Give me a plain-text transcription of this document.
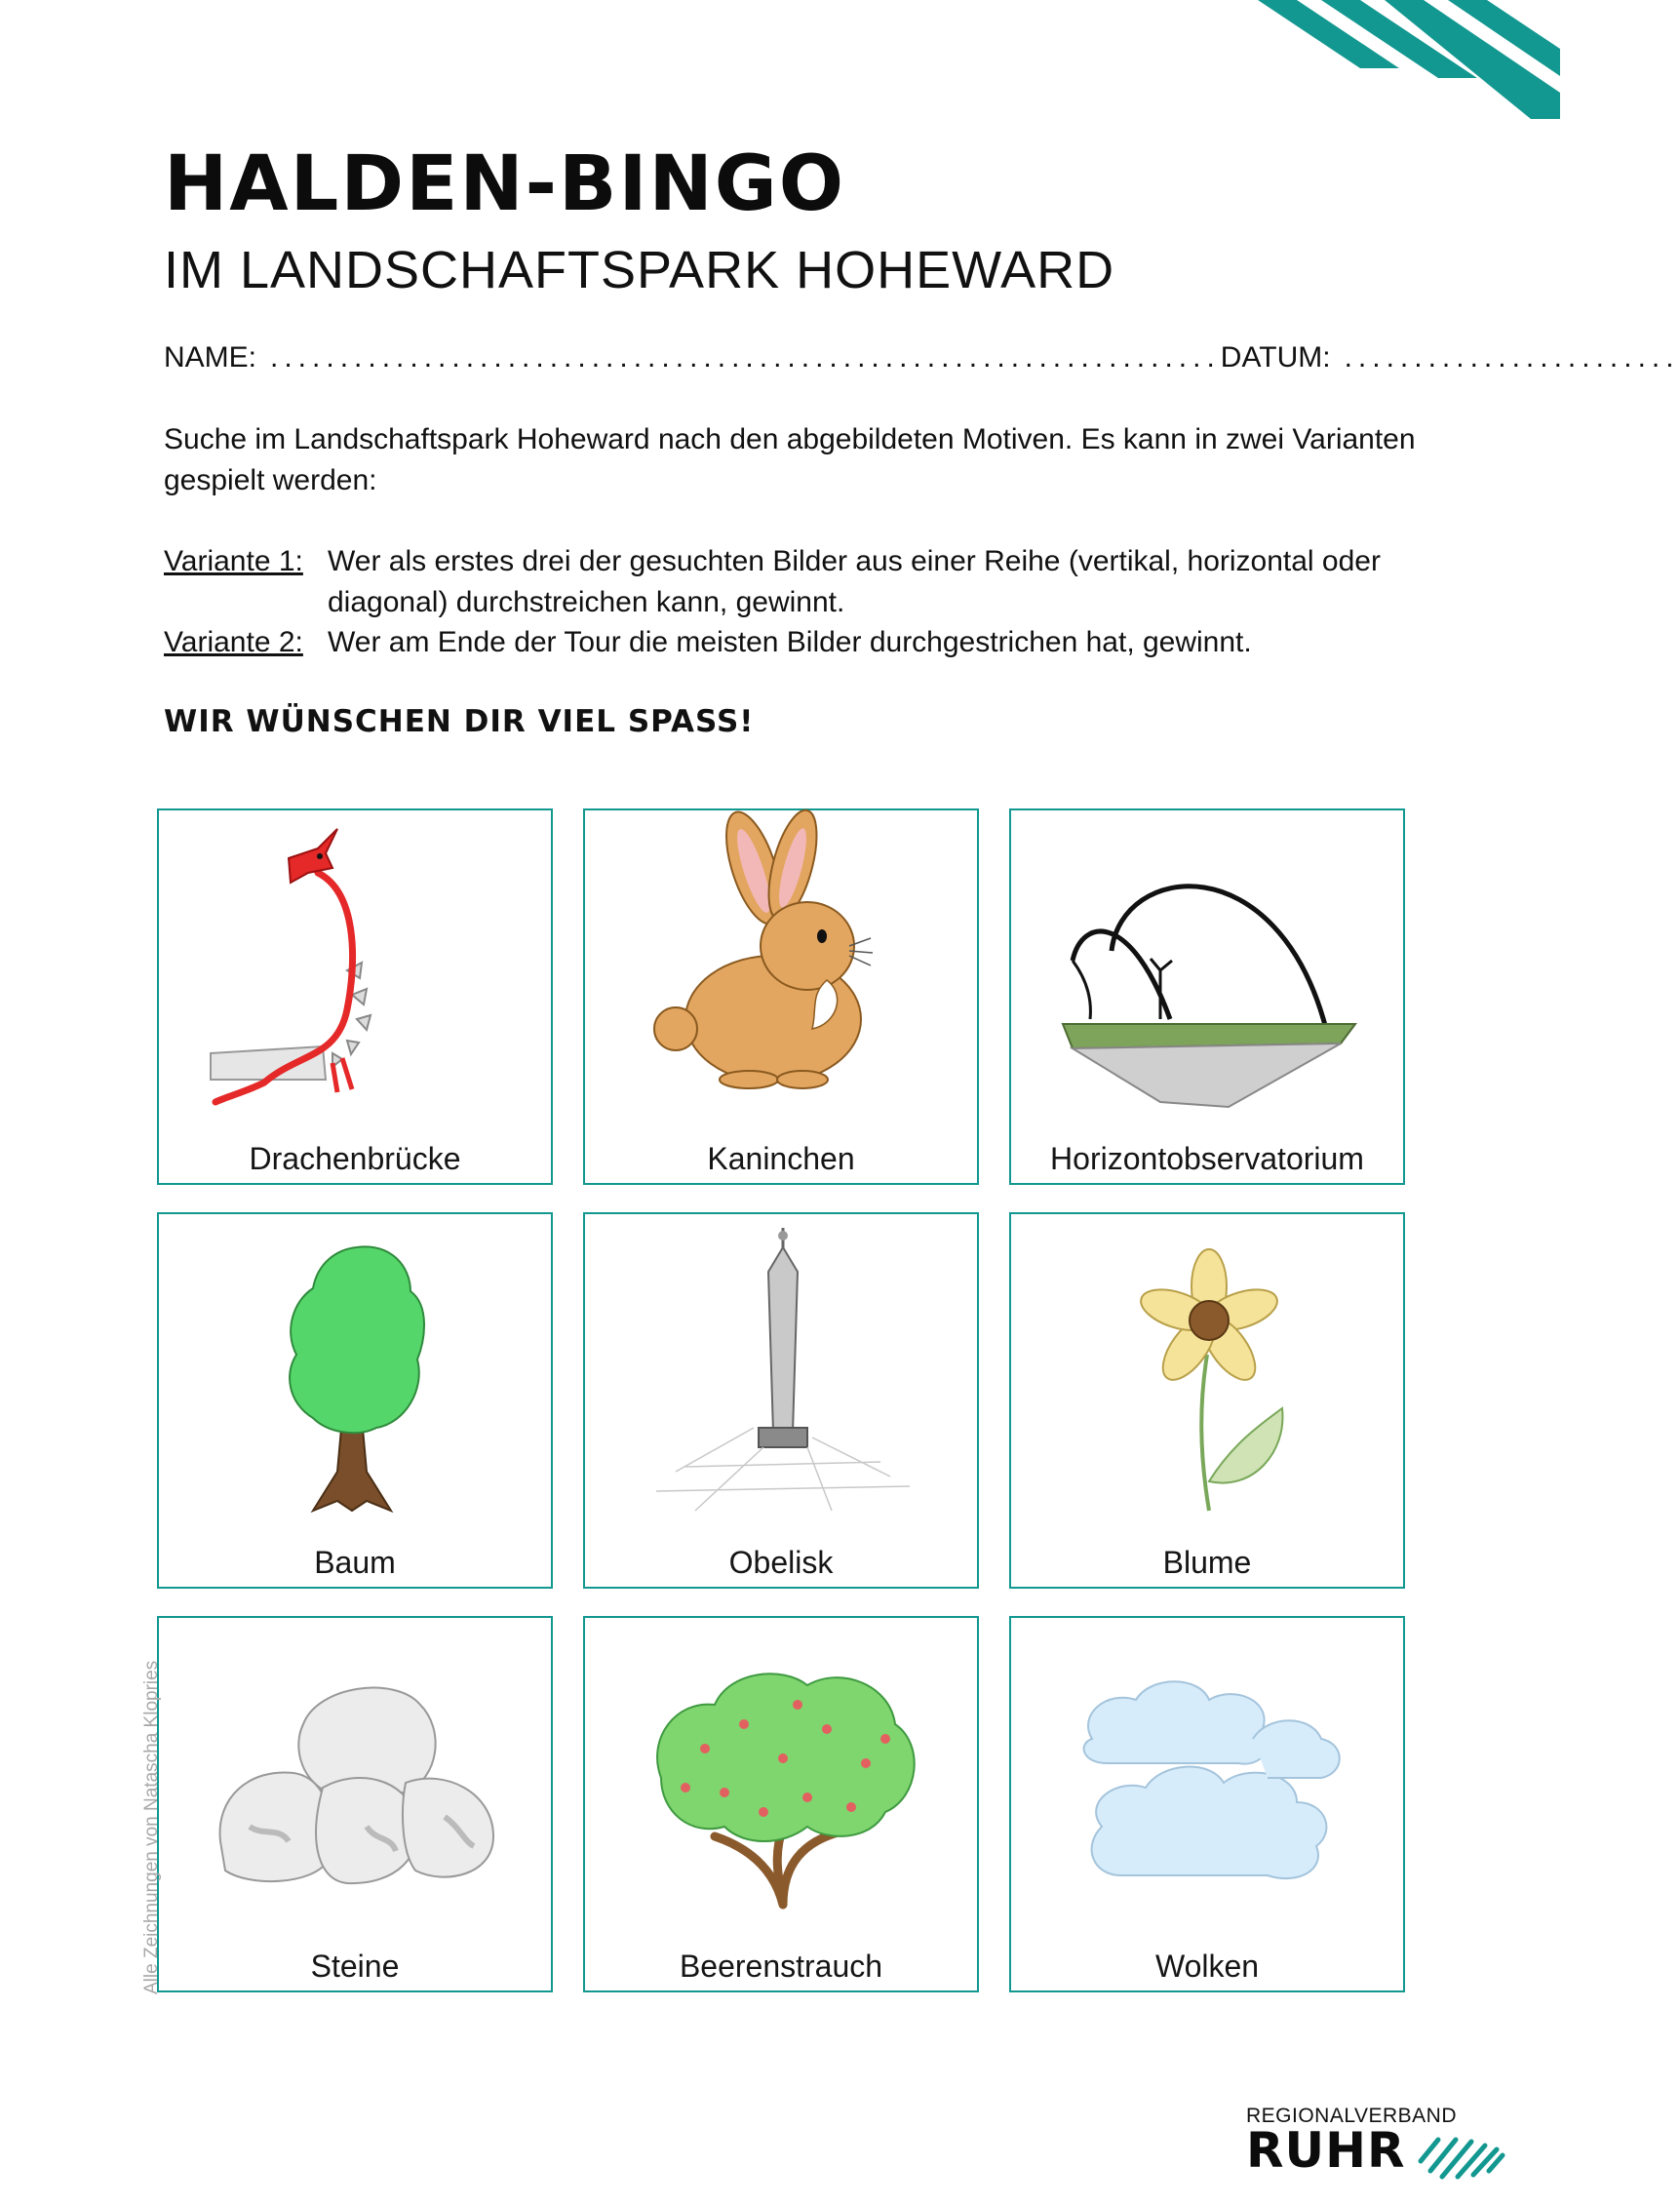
HALDEN-BINGO
IM LANDSCHAFTSPARK HOHEWARD
NAME: .................................................................... DATUM: ........................

Suche im Landschaftspark Hoheward nach den abgebildeten Motiven. Es kann in zwei Varianten gespielt werden:

Variante 1: Wer als erstes drei der gesuchten Bilder aus einer Reihe (vertikal, horizontal oder diagonal) durchstreichen kann, gewinnt.
Variante 2: Wer am Ende der Tour die meisten Bilder durchgestrichen hat, gewinnt.

WIR WÜNSCHEN DIR VIEL SPASS!

Drachenbrücke	Kaninchen	Horizontobservatorium
Baum	Obelisk	Blume
Steine	Beerenstrauch	Wolken
Alle Zeichnungen von Natascha Klopries
REGIONALVERBAND
RUHR
